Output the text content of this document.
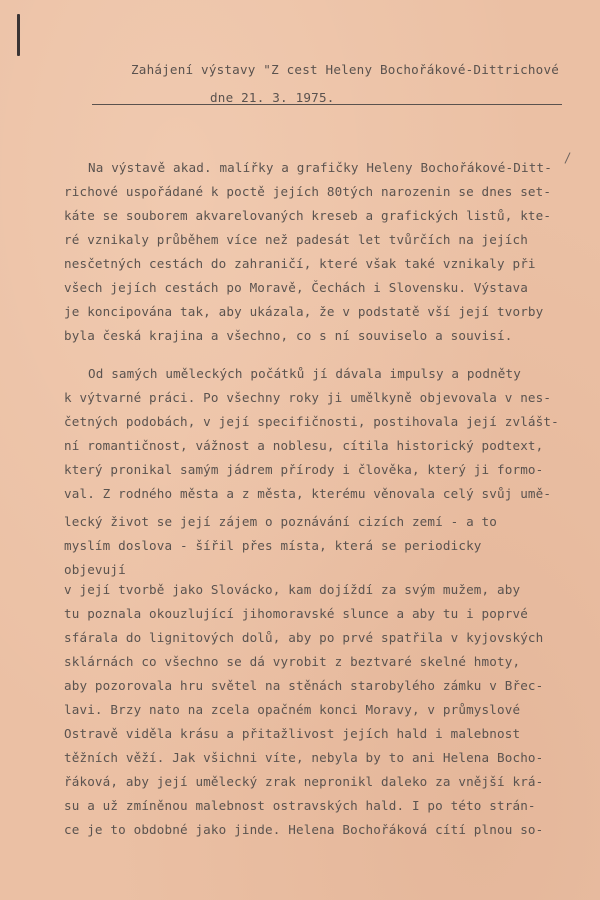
Zahájení výstavy "Z cest Heleny Bochořákové-Dittrichové
dne 21. 3. 1975.
Na výstavě akad. malířky a grafičky Heleny Bochořákové-Ditt-
richové uspořádané k poctě jejích 80tých narozenin se dnes set-
káte se souborem akvarelovaných kreseb a grafických listů, kte-
ré vznikaly průběhem více než padesát let tvůrčích na jejích
nesčetných cestách do zahraničí, které však také vznikaly při
všech jejích cestách po Moravě, Čechách i Slovensku. Výstava
je koncipována tak, aby ukázala, že v podstatě vší její tvorby
byla česká krajina a všechno, co s ní souviselo a souvisí.
Od samých uměleckých počátků jí dávala impulsy a podněty
k výtvarné práci. Po všechny roky ji umělkyně objevovala v nes-
četných podobách, v její specifičnosti, postihovala její zvlášt-
ní romantičnost, vážnost a noblesu, cítila historický podtext,
který pronikal samým jádrem přírody i člověka, který ji formo-
val. Z rodného města a z města, kterému věnovala celý svůj umě-
lecký život se její zájem o poznávání cizích zemí - a to myslím doslova - šířil přes místa, která se periodicky objevují
v její tvorbě jako Slovácko, kam dojíždí za svým mužem, aby
tu poznala okouzlující jihomoravské slunce a aby tu i poprvé
sfárala do lignitových dolů, aby po prvé spatřila v kyjovských
sklárnách co všechno se dá vyrobit z beztvaré skelné hmoty,
aby pozorovala hru světel na stěnách starobylého zámku v Břec-
lavi. Brzy nato na zcela opačném konci Moravy, v průmyslové
Ostravě viděla krásu a přitažlivost jejích hald i malebnost
těžních věží. Jak všichni víte, nebyla by to ani Helena Bocho-
řáková, aby její umělecký zrak nepronikl daleko za vnější krá-
su a už zmíněnou malebnost ostravských hald. I po této strán-
ce je to obdobné jako jinde. Helena Bochořáková cítí plnou so-
